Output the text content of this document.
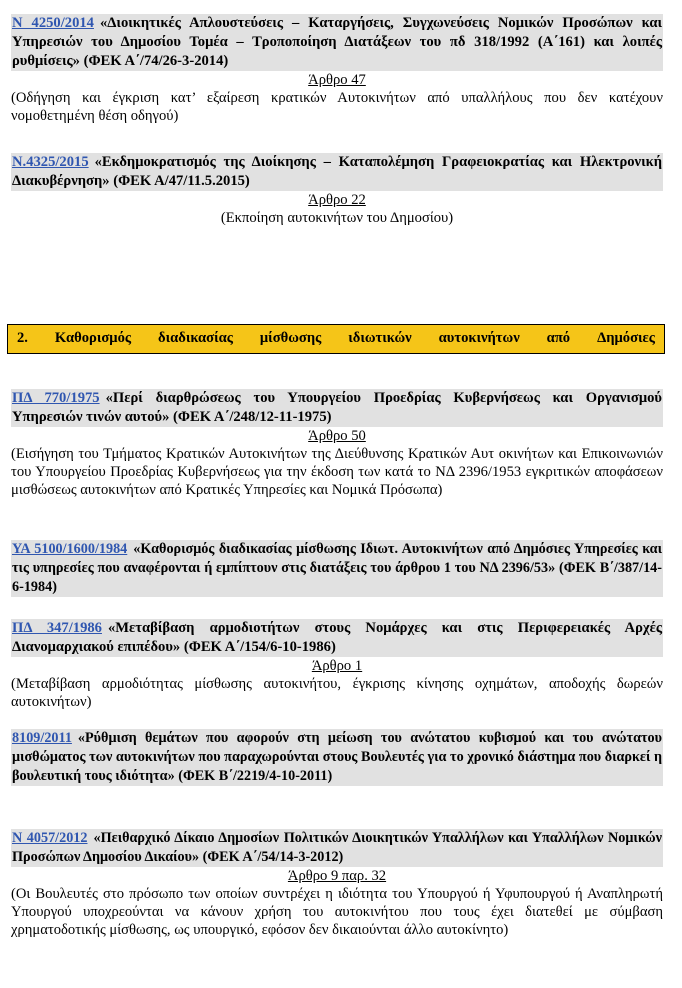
Ν 4250/2014 «Διοικητικές Απλουστεύσεις – Καταργήσεις, Συγχωνεύσεις Νομικών Προσώπων και Υπηρεσιών του Δημοσίου Τομέα – Τροποποίηση Διατάξεων του πδ 318/1992 (Α΄161) και λοιπές ρυθμίσεις» (ΦΕΚ Α΄/74/26-3-2014)
Άρθρο 47
(Οδήγηση και έγκριση κατ’ εξαίρεση κρατικών Αυτοκινήτων από υπαλλήλους που δεν κατέχουν νομοθετημένη θέση οδηγού)
Ν.4325/2015 «Εκδημοκρατισμός της Διοίκησης – Καταπολέμηση Γραφειοκρατίας και Ηλεκτρονική Διακυβέρνηση» (ΦΕΚ Α/47/11.5.2015)
Άρθρο 22
(Εκποίηση αυτοκινήτων του Δημοσίου)
2. Καθορισμός διαδικασίας μίσθωσης ιδιωτικών αυτοκινήτων από Δημόσιες
ΠΔ 770/1975 «Περί διαρθρώσεως του Υπουργείου Προεδρίας Κυβερνήσεως και Οργανισμού Υπηρεσιών τινών αυτού» (ΦΕΚ Α΄/248/12-11-1975)
Άρθρο 50
(Εισήγηση του Τμήματος Κρατικών Αυτοκινήτων της Διεύθυνσης Κρατικών Αυτ οκινήτων και Επικοινωνιών του Υπουργείου Προεδρίας Κυβερνήσεως για την έκδοση των κατά το ΝΔ 2396/1953 εγκριτικών αποφάσεων μισθώσεως αυτοκινήτων από Κρατικές Υπηρεσίες και Νομικά Πρόσωπα)
ΥΑ 5100/1600/1984 «Καθορισμός διαδικασίας μίσθωσης Ιδιωτ. Αυτοκινήτων από Δημόσιες Υπηρεσίες και τις υπηρεσίες που αναφέρονται ή εμπίπτουν στις διατάξεις του άρθρου 1 του ΝΔ 2396/53» (ΦΕΚ Β΄/387/14-6-1984)
ΠΔ 347/1986 «Μεταβίβαση αρμοδιοτήτων στους Νομάρχες και στις Περιφερειακές Αρχές Διανομαρχιακού επιπέδου» (ΦΕΚ Α΄/154/6-10-1986)
Άρθρο 1
(Μεταβίβαση αρμοδιότητας μίσθωσης αυτοκινήτου, έγκρισης κίνησης οχημάτων, αποδοχής δωρεών αυτοκινήτων)
8109/2011 «Ρύθμιση θεμάτων που αφορούν στη μείωση του ανώτατου κυβισμού και του ανώτατου μισθώματος των αυτοκινήτων που παραχωρούνται στους Βουλευτές για το χρονικό διάστημα που διαρκεί η βουλευτική τους ιδιότητα» (ΦΕΚ Β΄/2219/4-10-2011)
Ν 4057/2012 «Πειθαρχικό Δίκαιο Δημοσίων Πολιτικών Διοικητικών Υπαλλήλων και Υπαλλήλων Νομικών Προσώπων Δημοσίου Δικαίου» (ΦΕΚ Α΄/54/14-3-2012)
Άρθρο 9 παρ. 32
(Οι Βουλευτές στο πρόσωπο των οποίων συντρέχει η ιδιότητα του Υπουργού ή Υφυπουργού ή Αναπληρωτή Υπουργού υποχρεούνται να κάνουν χρήση του αυτοκινήτου που τους έχει διατεθεί με σύμβαση χρηματοδοτικής μίσθωσης, ως υπουργικό, εφόσον δεν δικαιούνται άλλο αυτοκίνητο)
